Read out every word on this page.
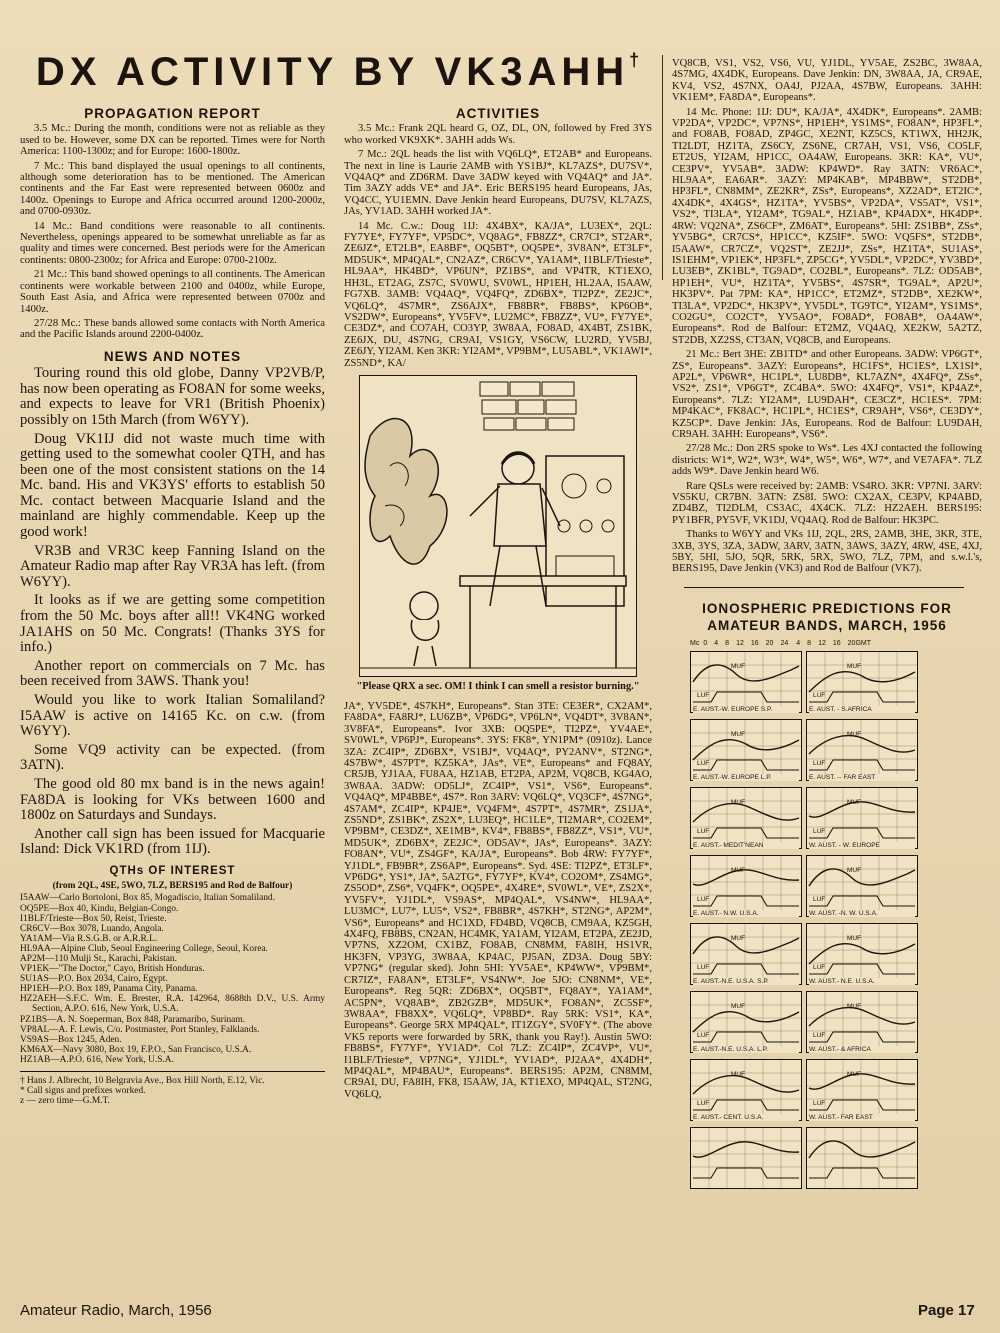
DX ACTIVITY BY VK3AHH†
PROPAGATION REPORT

3.5 Mc.: During the month, conditions were not as reliable as they used to be. However, some DX can be reported. Times were for North America: 1100-1300z; and for Europe: 1600-1800z.

7 Mc.: This band displayed the usual openings to all continents, although some deterioration has to be mentioned. The American continents and the Far East were represented between 0600z and 1400z. Openings to Europe and Africa occurred around 1200-2000z, and 0700-0930z.

14 Mc.: Band conditions were reasonable to all continents. Nevertheless, openings appeared to be somewhat unreliable as far as quality and times were concerned. Best periods were for the American continents: 0800-2300z; for Africa and Europe: 0700-2100z.

21 Mc.: This band showed openings to all continents. The American continents were workable between 2100 and 0400z, while Europe, South East Asia, and Africa were represented between 0700z and 1400z.

27/28 Mc.: These bands allowed some contacts with North America and the Pacific Islands around 2200-0400z.

NEWS AND NOTES

Touring round this old globe, Danny VP2VB/P, has now been operating as FO8AN for some weeks, and expects to leave for VR1 (British Phoenix) possibly on 15th March (from W6YY).

Doug VK1IJ did not waste much time with getting used to the somewhat cooler QTH, and has been one of the most consistent stations on the 14 Mc. band. His and VK3YS' efforts to establish 50 Mc. contact between Macquarie Island and the mainland are highly commendable. Keep up the good work!

VR3B and VR3C keep Fanning Island on the Amateur Radio map after Ray VR3A has left. (from W6YY).

It looks as if we are getting some competition from the 50 Mc. boys after all!! VK4NG worked JA1AHS on 50 Mc. Congrats! (Thanks 3YS for info.)

Another report on commercials on 7 Mc. has been received from 3AWS. Thank you!

Would you like to work Italian Somaliland? I5AAW is active on 14165 Kc. on c.w. (from W6YY).

Some VQ9 activity can be expected. (from 3ATN).

The good old 80 mx band is in the news again! FA8DA is looking for VKs between 1600 and 1800z on Saturdays and Sundays.

Another call sign has been issued for Macquarie Island: Dick VK1RD (from 1IJ).

QTHs OF INTEREST
(from 2QL, 4SE, 5WO, 7LZ, BERS195 and Rod de Balfour)

I5AAW—Carlo Bortoloni, Box 85, Mogadiscio, Italian Somaliland.

OQ5PE—Box 40, Kindu, Belgian-Congo.

I1BLF/Trieste—Box 50, Reist, Trieste.

CR6CV—Box 3078, Luando, Angola.

YA1AM—Via R.S.G.B. or A.R.R.L.

HL9AA—Alpine Club, Seoul Engineering College, Seoul, Korea.

AP2M—110 Mulji St., Karachi, Pakistan.

VP1EK—"The Doctor," Cayo, British Honduras.

SU1AS—P.O. Box 2034, Cairo, Egypt.

HP1EH—P.O. Box 189, Panama City, Panama.

HZ2AEH—S.F.C. Wm. E. Brester, R.A. 142964, 8688th D.V., U.S. Army Section, A.P.O. 616, New York, U.S.A.

PZ1BS—A. N. Soeperman, Box 848, Paramaribo, Surinam.

VP8AL—A. F. Lewis, C/o. Postmaster, Port Stanley, Falklands.

VS9AS—Box 1245, Aden.

KM6AX—Navy 3080, Box 19, F.P.O., San Francisco, U.S.A.

HZ1AB—A.P.O. 616, New York, U.S.A.

† Hans J. Albrecht, 10 Belgravia Ave., Box Hill North, E.12, Vic.

* Call signs and prefixes worked.

z — zero time—G.M.T.

ACTIVITIES

3.5 Mc.: Frank 2QL heard G, OZ, DL, ON, followed by Fred 3YS who worked VK9XK*. 3AHH adds Ws.

7 Mc.: 2QL heads the list with VQ6LQ*, ET2AB* and Europeans. The next in line is Laurie 2AMB with YS1BJ*, KL7AZS*, DU7SV*, VQ4AQ* and ZD6RM. Dave 3ADW keyed with VQ4AQ* and JA*. Tim 3AZY adds VE* and JA*. Eric BERS195 heard Europeans, JAs, VQ4CC, YU1EMN. Dave Jenkin heard Europeans, DU7SV, KL7AZS, JAs, YV1AD. 3AHH worked JA*.

14 Mc. C.w.: Doug 1IJ: 4X4BX*, KA/JA*, LU3EX*, 2QL: FY7YE*, FY7YF*, VP5DC*, VQ8AG*, FB8ZZ*, CR7CI*, ST2AR*, ZE6JZ*, ET2LB*, EA8BF*, OQ5BT*, OQ5PE*, 3V8AN*, ET3LF*, MD5UK*, MP4QAL*, CN2AZ*, CR6CV*, YA1AM*, I1BLF/Trieste*, HL9AA*, HK4BD*, VP6UN*, PZ1BS*, and VP4TR, KT1EXO, HH3L, ET2AG, ZS7C, SV0WU, SV0WL, HP1EH, HL2AA, I5AAW, FG7XB. 3AMB: VQ4AQ*, VQ4FQ*, ZD6BX*, TI2PZ*, ZE2JC*, VQ6LQ*, 4S7MR*, ZS6AJX*, FB8BR*, FB8BS*, KP6OB*, VS2DW*, Europeans*, YV5FV*, LU2MC*, FB8ZZ*, VU*, FY7YE*, CE3DZ*, and CO7AH, CO3YP, 3W8AA, FO8AD, 4X4BT, ZS1BK, ZE6JX, DU, 4S7NG, CR9AI, VS1GY, VS6CW, LU2RD, YV5BJ, ZE6JY, YI2AM. Ken 3KR: YI2AM*, VP9BM*, LU5ABL*, VK1AWI*, ZS5ND*, KA/

"Please QRX a sec. OM! I think I can smell a resistor burning."

JA*, YV5DE*, 4S7KH*, Europeans*. Stan 3TE: CE3ER*, CX2AM*, FA8DA*, FA8RJ*, LU6ZB*, VP6DG*, VP6LN*, VQ4DT*, 3V8AN*, 3V8FA*, Europeans*. Ivor 3XB: OQ5PE*, TI2PZ*, YV4AE*, SV0WL*, VP6PJ*, Europeans*. 3YS: FK8*, YN1PM* (0910z). Lance 3ZA: ZC4IP*, ZD6BX*, VS1BJ*, VQ4AQ*, PY2ANV*, ST2NG*, 4S7BW*, 4S7PT*, KZ5KA*, JAs*, VE*, Europeans* and FQ8AY, CR5JB, YJ1AA, FU8AA, HZ1AB, ET2PA, AP2M, VQ8CB, KG4AO, 3W8AA. 3ADW: OD5LJ*, ZC4IP*, VS1*, VS6*, Europeans*. VQ4AQ*, MP4BBE*, 4S7*. Ron 3ARV: VQ6LQ*, VQ3CF*, 4S7NG*, 4S7AM*, ZC4IP*, KP4JE*, VQ4FM*, 4S7PT*, 4S7MR*, ZS1JA*, ZS5ND*, ZS1BK*, ZS2X*, LU3EQ*, HC1LE*, TI2MAR*, CO2EM*, VP9BM*, CE3DZ*, XE1MB*, KV4*, FB8BS*, FB8ZZ*, VS1*, VU*, MD5UK*, ZD6BX*, ZE2JC*, OD5AV*, JAs*, Europeans*. 3AZY: FO8AN*, VU*, ZS4GF*, KA/JA*, Europeans*. Bob 4RW: FY7YF*, YJ1DL*, FB9BR*, ZS6AP*, Europeans*. Syd. 4SE: TI2PZ*, ET3LF*, VP6DG*, YS1*, JA*, 5A2TG*, FY7YF*, KV4*, CO2OM*, ZS4MG*, ZS5OD*, ZS6*, VQ4FK*, OQ5PE*, 4X4RE*, SV0WL*, VE*, ZS2X*, YV5FV*, YJ1DL*, VS9AS*, MP4QAL*, VS4NW*, HL9AA*, LU3MC*, LU7*, LU5*, VS2*, FB8BR*, 4S7KH*, ST2NG*, AP2M*, VS6*, Europeans* and HC1XD, FD4BD, VQ8CB, CM9AA, KZ5GH, 4X4FQ, FB8BS, CN2AN, HC4MK, YA1AM, YI2AM, ET2PA, ZE2JD, VP7NS, XZ2OM, CX1BZ, FO8AB, CN8MM, FA8IH, HS1VR, HK3FN, VP3YG, 3W8AA, KP4AC, PJ5AN, ZD3A. Doug 5BY: VP7NG* (regular sked). John 5HI: YV5AE*, KP4WW*, VP9BM*, CR7IZ*, FA8AN*, ET3LF*, VS4NW*. Joe 5JO: CN8NM*, VE*, Europeans*. Reg 5QR: ZD6BX*, OQ5BT*, FQ8AY*, YA1AM*, AC5PN*, VQ8AB*, ZB2GZB*, MD5UK*, FO8AN*, ZC5SF*, 3W8AA*, FB8XX*, VQ6LQ*, VP8BD*. Ray 5RK: VS1*, KA*, Europeans*. George 5RX MP4QAL*, IT1ZGY*, SV0FY*. (The above VK5 reports were forwarded by 5RK, thank you Ray!). Austin 5WO: FB8BS*, FY7YF*, YV1AD*. Col 7LZ: ZC4IP*, ZC4VP*, VU*, I1BLF/Trieste*, VP7NG*, YJ1DL*, YV1AD*, PJ2AA*, 4X4DH*, MP4QAL*, MP4BAU*, Europeans*. BERS195: AP2M, CN8MM, CR9AI, DU, FA8IH, FK8, I5AAW, JA, KT1EXO, MP4QAL, ST2NG, VQ6LQ,

VQ8CB, VS1, VS2, VS6, VU, YJ1DL, YV5AE, ZS2BC, 3W8AA, 4S7MG, 4X4DK, Europeans. Dave Jenkin: DN, 3W8AA, JA, CR9AE, KV4, VS2, 4S7NX, OA4J, PJ2AA, 4S7BW, Europeans. 3AHH: VK1EM*, FA8DA*, Europeans*.

14 Mc. Phone: 1IJ: DU*, KA/JA*, 4X4DK*, Europeans*. 2AMB: VP2DA*, VP2DC*, VP7NS*, HP1EH*, YS1MS*, FO8AN*, HP3FL*, and FO8AB, FO8AD, ZP4GC, XE2NT, KZ5CS, KT1WX, HH2JK, TI2LDT, HZ1TA, ZS6CY, ZS6NE, CR7AH, VS1, VS6, CO5LF, ET2US, YI2AM, HP1CC, OA4AW, Europeans. 3KR: KA*, VU*, CE3PV*, YV5AB*. 3ADW: KP4WD*. Ray 3ATN: VR6AC*, HL9AA*, EA6AR*. 3AZY: MP4KAB*, MP4BBW*, ST2DB*, HP3FL*, CN8MM*, ZE2KR*, ZSs*, Europeans*, XZ2AD*, ET2IC*, 4X4DK*, 4X4GS*, HZ1TA*, YV5BS*, VP2DA*, VS5AT*, VS1*, VS2*, TI3LA*, YI2AM*, TG9AL*, HZ1AB*, KP4ADX*, HK4DP*. 4RW: VQ2NA*, ZS6CF*, ZM6AT*, Europeans*. 5HI: ZS1BB*, ZSs*, YV5BG*, CR7CS*, HP1CC*, KZ5IF*. 5WO: VQ5FS*, ST2DB*, I5AAW*, CR7CZ*, VQ2ST*, ZE2JJ*, ZSs*, HZ1TA*, SU1AS*, IS1EHM*, VP1EK*, HP3FL*, ZP5CG*, YV5DL*, VP2DC*, YV3BD*, LU3EB*, ZK1BL*, TG9AD*, CO2BL*, Europeans*. 7LZ: OD5AB*, HP1EH*, VU*, HZ1TA*, YV5BS*, 4S7SR*, TG9AL*, AP2U*, HK3PV*. Pat 7PM: KA*, HP1CC*, ET2MZ*, ST2DB*, XE2KW*, TI3LA*, VP2DC*, HK3PV*, YV5DL*, TG9TC*, YI2AM*, YS1MS*, CO2GU*, CO2CT*, YV5AO*, FO8AD*, FO8AB*, OA4AW*, Europeans*. Rod de Balfour: ET2MZ, VQ4AQ, XE2KW, 5A2TZ, ST2DB, XZ2SS, CT3AN, VQ8CB, and Europeans.

21 Mc.: Bert 3HE: ZB1TD* and other Europeans. 3ADW: VP6GT*, ZS*, Europeans*. 3AZY: Europeans*, HC1FS*, HC1ES*, LX1SI*, AP2L*, VP6WR*, HC1PL*, LU8DB*, KL7AZN*, 4X4FQ*, ZSs*, VS2*, ZS1*, VP6GT*, ZC4BA*. 5WO: 4X4FQ*, VS1*, KP4AZ*, Europeans*. 7LZ: YI2AM*, LU9DAH*, CE3CZ*, HC1ES*. 7PM: MP4KAC*, FK8AC*, HC1PL*, HC1ES*, CR9AH*, VS6*, CE3DY*, KZ5CP*. Dave Jenkin: JAs, Europeans. Rod de Balfour: LU9DAH, CR9AH. 3AHH: Europeans*, VS6*.

27/28 Mc.: Don 2RS spoke to Ws*. Les 4XJ contacted the following districts: W1*, W2*, W3*, W4*, W5*, W6*, W7*, and VE7AFA*. 7LZ adds W9*. Dave Jenkin heard W6.

Rare QSLs were received by: 2AMB: VS4RO. 3KR: VP7NI. 3ARV: VS5KU, CR7BN. 3ATN: ZS8I. 5WO: CX2AX, CE3PV, KP4ABD, ZD4BZ, TI2DLM, CS3AC, 4X4CK. 7LZ: HZ2AEH. BERS195: PY1BFR, PY5VF, VK1DJ, VQ4AQ. Rod de Balfour: HK3PC.

Thanks to W6YY and VKs 1IJ, 2QL, 2RS, 2AMB, 3HE, 3KR, 3TE, 3XB, 3YS, 3ZA, 3ADW, 3ARV, 3ATN, 3AWS, 3AZY, 4RW, 4SE, 4XJ, 5BY, 5HI, 5JO, 5QR, 5RK, 5RX, 5WO, 7LZ, 7PM, and s.w.l.'s, BERS195, Dave Jenkin (VK3) and Rod de Balfour (VK7).

IONOSPHERIC PREDICTIONS FOR AMATEUR BANDS, MARCH, 1956
Mc 0 4 8 12 16 20 24 4 8 12 16 20GMT
MUF
LUF
E. AUST.-W. EUROPE S.P.
MUF
LUF
E. AUST. - S.AFRICA
MUF
LUF
E. AUST.-W. EUROPE L.P.
MUF
LUF
E. AUST. -- FAR EAST
MUF
LUF
E. AUST.- MEDIT'NEAN
MUF
LUF
W. AUST. - W. EUROPE
MUF
LUF
E. AUST.- N.W. U.S.A.
MUF
LUF
W. AUST. -N. W. U.S.A.
MUF
LUF
E. AUST.-N.E. U.S.A. S.P.
MUF
LUF
W. AUST.- N.E. U.S.A.
MUF
LUF
E. AUST.-N.E. U.S.A. L.P.
MUF
LUF
W. AUST.- & AFRICA
MUF
LUF
E. AUST.- CENT. U.S.A.
MUF
LUF
W. AUST.- FAR EAST
Amateur Radio, March, 1956	Page 17
